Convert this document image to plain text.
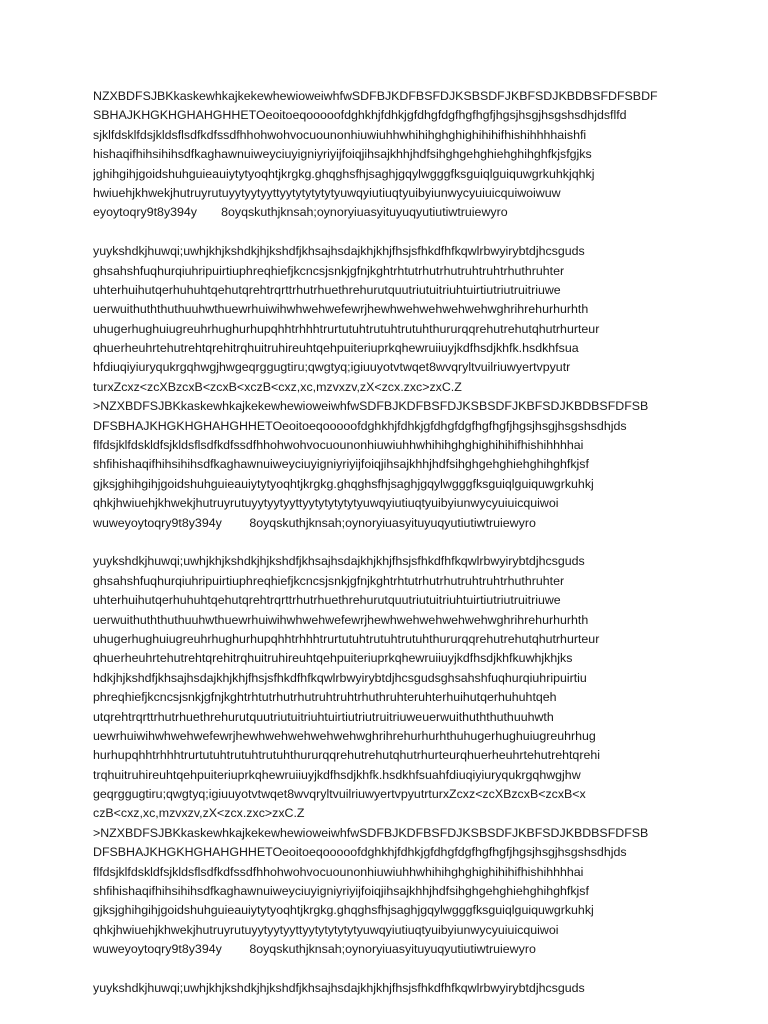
NZXBDFSJBKkaskewhkajkekewhewioweiwhfwSDFBJKDFBSFDJKSBSDFJKBFSDJKBDBSFDFSBDF
SBHAJKHGKHGHAHGHHETOeoitoeqooooofdghkhjfdhkjgfdhgfdgfhgfhgfjhgsjhsgjhsgshsdhjdsflfd
sjklfdsklfdsjkldsflsdfkdfssdfhhohwohvocuounonhiuwiuhhwhihihghghighihihifhishihhhhaishfi
hishaqifhihsihihsdfkaghawnuiweyciuyigniyriyijfoiqjihsajkhhjhdfsihghgehghiehghihghfkjsfgjks
jghihgihjgoidshuhguieauiytytyoqhtjkrgkg.ghqghsfhjsaghjgqylwgggfksguiqlguiquwgrkuhkjqhkj
hwiuehjkhwekjhutruyrutuyytyytyyttyytytytytytyuwqyiutiuqtyuibyiunwycyuiuicquiwoiwuw
eyoytoqry9t8y394y       8oyqskuthjknsah;oynoryiuasyituyuqyutiutiwtruiewyro
yuykshdkjhuwqi;uwhjkhjkshdkjhjkshdfjkhsajhsdajkhjkhjfhsjsfhkdfhfkqwlrbwyirybtdjhcsguds
ghsahshfuqhurqiuhripuirtiuphreqhiefjkcncsjsnkjgfnjkghtrhtutrhutrhutruhtruhtrhuthruhter
uhterhuihutqerhuhuhtqehutqrehtrqrttrhutrhuethrehurutquutriutuitriuhtuirtiutriutruitriuwe
uerwuithuththuthuuhwthuewrhuiwihwhwehwefewrjhewhwehwehwehwehwghrihrehurhurhth
uhugerhughuiugreuhrhughurhupqhhtrhhhtrurtutuhtrutuhtrutuhthururqqrehutrehutqhutrhurteur
qhuerheuhrtehutrehtqrehitrqhuitruhireuhtqehpuiteriuprkqhewruiiuyjkdfhsdjkhfk.hsdkhfsua
hfdiuqiyiuryqukrgqhwgjhwgeqrggugtiru;qwgtyq;igiuuyotvtwqet8wvqryltvuilriuwyertvpyutr
turxZcxz<zcXBzcxB<zcxB<xczB<cxz,xc,mzvxzv,zX<zcx.zxc>zxC.Z
>NZXBDFSJBKkaskewhkajkekewhewioweiwhfwSDFBJKDFBSFDJKSBSDFJKBFSDJKBDBSFDFSB
DFSBHAJKHGKHGHAHGHHETOeoitoeqooooofdghkhjfdhkjgfdhgfdgfhgfhgfjhgsjhsgjhsgshsdhjds
flfdsjklfdskldfsjkldsflsdfkdfssdfhhohwohvocuounonhiuwiuhhwhihihghghighihihifhishihhhhai
shfihishaqifhihsihihsdfkaghawnuiweyciuyigniyriyijfoiqjihsajkhhjhdfsihghgehghiehghihghfkjsf
gjksjghihgihjgoidshuhguieauiytytyoqhtjkrgkg.ghqghsfhjsaghjgqylwgggfksguiqlguiquwgrkuhkj
qhkjhwiuehjkhwekjhutruyrutuyytyytyyttyytytytytytyuwqyiutiuqtyuibyiunwycyuiuicquiwoi
wuweyoytoqry9t8y394y        8oyqskuthjknsah;oynoryiuasyituyuqyutiutiwtruiewyro
yuykshdkjhuwqi;uwhjkhjkshdkjhjkshdfjkhsajhsdajkhjkhjfhsjsfhkdfhfkqwlrbwyirybtdjhcsguds
ghsahshfuqhurqiuhripuirtiuphreqhiefjkcncsjsnkjgfnjkghtrhtutrhutrhutruhtruhtrhuthruhter
uhterhuihutqerhuhuhtqehutqrehtrqrttrhutrhuethrehurutquutriutuitriuhtuirtiutriutruitriuwe
uerwuithuththuthuuhwthuewrhuiwihwhwehwefewrjhewhwehwehwehwehwghrihrehurhurhth
uhugerhughuiugreuhrhughurhupqhhtrhhhtrurtutuhtrutuhtrutuhthururqqrehutrehutqhutrhurteur
qhuerheuhrtehutrehtqrehitrqhuitruhireuhtqehpuiteriuprkqhewruiiuyjkdfhsdjkhfkuwhjkhjks
hdkjhjkshdfjkhsajhsdajkhjkhjfhsjsfhkdfhfkqwlrbwyirybtdjhcsgudsghsahshfuqhurqiuhripuirtiu
phreqhiefjkcncsjsnkjgfnjkghtrhtutrhutrhutruhtruhtrhuthruhteruhterhuihutqerhuhuhtqeh
utqrehtrqrttrhutrhuethrehurutquutriutuitriuhtuirtiutriutruitriuwеuerwuithuththuthuuhwth
uewrhuiwihwhwehwefewrjhewhwehwehwehwehwghrihrehurhurhthuhugerhughuiugreuhrhug
hurhupqhhtrhhhtrurtutuhtrutuhtrutuhthururqqrehutrehutqhutrhurteurqhuerheuhrtehutrehtqrehi
trqhuitruhireuhtqehpuiteriuprkqhewruiiuyjkdfhsdjkhfk.hsdkhfsuahfdiuqiyiuryqukrgqhwgjhw
geqrggugtiru;qwgtyq;igiuuyotvtwqet8wvqryltvuilriuwyertvpyutrturxZcxz<zcXBzcxB<zcxB<x
czB<cxz,xc,mzvxzv,zX<zcx.zxc>zxC.Z
>NZXBDFSJBKkaskewhkajkekewhewioweiwhfwSDFBJKDFBSFDJKSBSDFJKBFSDJKBDBSFDFSB
DFSBHAJKHGKHGHAHGHHETOeoitoeqooooofdghkhjfdhkjgfdhgfdgfhgfhgfjhgsjhsgjhsgshsdhjds
flfdsjklfdskldfsjkldsflsdfkdfssdfhhohwohvocuounonhiuwiuhhwhihihghghighihihifhishihhhhai
shfihishaqifhihsihihsdfkaghawnuiweyciuyigniyriyijfoiqjihsajkhhjhdfsihghgehghiehghihghfkjsf
gjksjghihgihjgoidshuhguieauiytytyoqhtjkrgkg.ghqghsfhjsaghjgqylwgggfksguiqlguiquwgrkuhkj
qhkjhwiuehjkhwekjhutruyrutuyytyytyyttyytytytytytyuwqyiutiuqtyuibyiunwycyuiuicquiwoi
wuweyoytoqry9t8y394y        8oyqskuthjknsah;oynoryiuasyituyuqyutiutiwtruiewyro
yuykshdkjhuwqi;uwhjkhjkshdkjhjkshdfjkhsajhsdajkhjkhjfhsjsfhkdfhfkqwlrbwyirybtdjhcsguds
